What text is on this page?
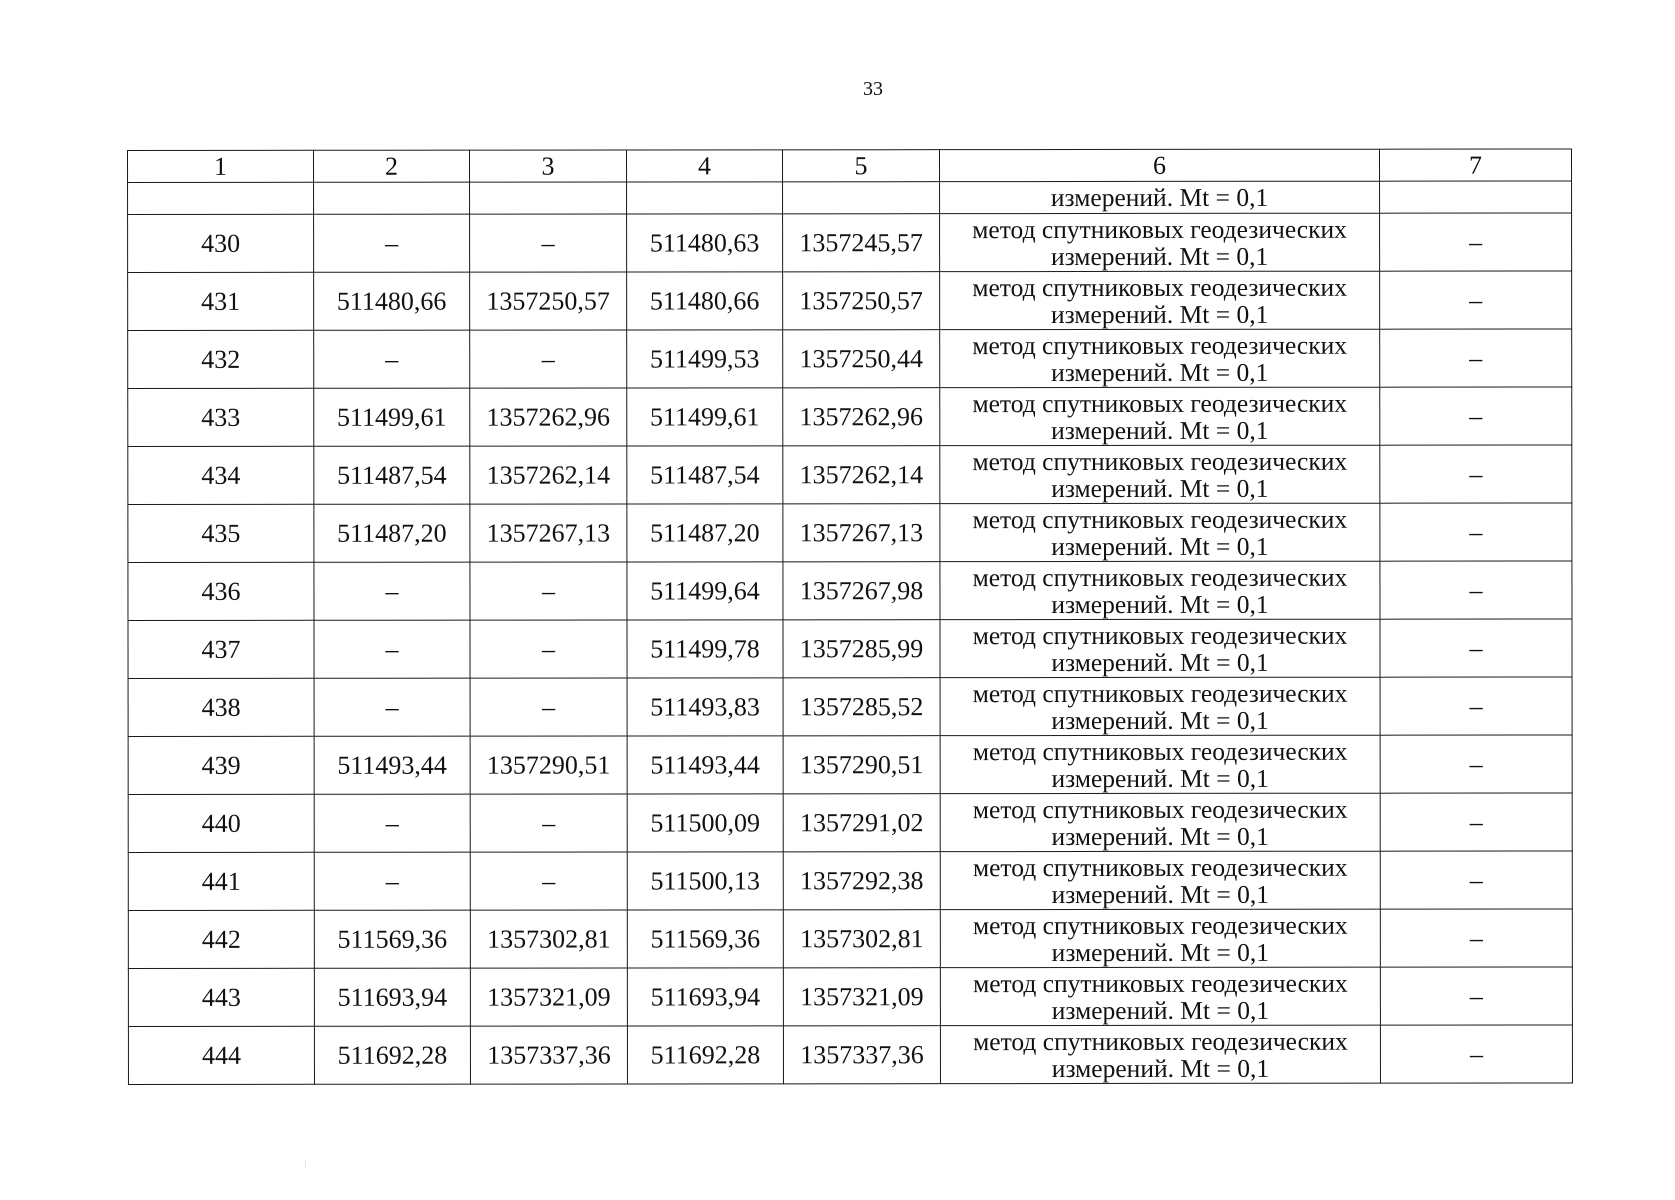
33
1	2	3	4	5	6	7
					измерений. Mt = 0,1	
430	–	–	511480,63	1357245,57	метод спутниковых геодезических
измерений. Mt = 0,1	–
431	511480,66	1357250,57	511480,66	1357250,57	метод спутниковых геодезических
измерений. Mt = 0,1	–
432	–	–	511499,53	1357250,44	метод спутниковых геодезических
измерений. Mt = 0,1	–
433	511499,61	1357262,96	511499,61	1357262,96	метод спутниковых геодезических
измерений. Mt = 0,1	–
434	511487,54	1357262,14	511487,54	1357262,14	метод спутниковых геодезических
измерений. Mt = 0,1	–
435	511487,20	1357267,13	511487,20	1357267,13	метод спутниковых геодезических
измерений. Mt = 0,1	–
436	–	–	511499,64	1357267,98	метод спутниковых геодезических
измерений. Mt = 0,1	–
437	–	–	511499,78	1357285,99	метод спутниковых геодезических
измерений. Mt = 0,1	–
438	–	–	511493,83	1357285,52	метод спутниковых геодезических
измерений. Mt = 0,1	–
439	511493,44	1357290,51	511493,44	1357290,51	метод спутниковых геодезических
измерений. Mt = 0,1	–
440	–	–	511500,09	1357291,02	метод спутниковых геодезических
измерений. Mt = 0,1	–
441	–	–	511500,13	1357292,38	метод спутниковых геодезических
измерений. Mt = 0,1	–
442	511569,36	1357302,81	511569,36	1357302,81	метод спутниковых геодезических
измерений. Mt = 0,1	–
443	511693,94	1357321,09	511693,94	1357321,09	метод спутниковых геодезических
измерений. Mt = 0,1	–
444	511692,28	1357337,36	511692,28	1357337,36	метод спутниковых геодезических
измерений. Mt = 0,1	–
